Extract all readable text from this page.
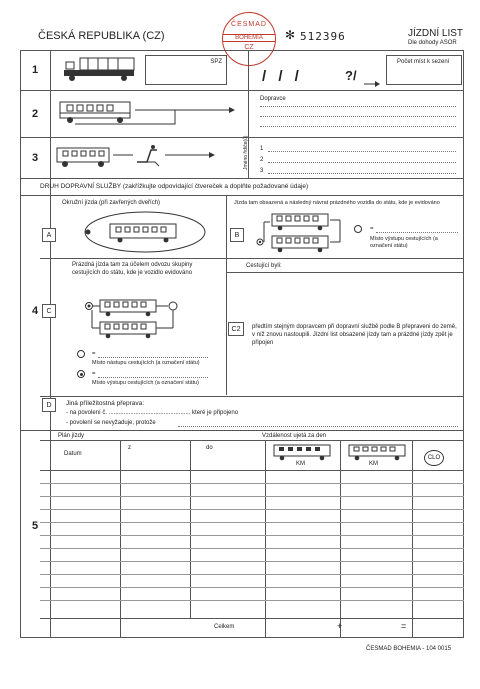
ČESKÁ REPUBLIKA (CZ)
ČESMAD
BOHEMIA
CZ
✻ 512396	JÍZDNÍ LIST
Dle dohody ASOR
1
SPZ
/ / /	?/
Počet míst k sezení
2
Dopravce
3	Jméno řidiče(ů) 1
2
3
DRUH DOPRAVNÍ SLUŽBY (zakřížkujte odpovídající čtvereček a doplňte požadované údaje)
4
Okružní jízda (při zavřených dveřích)
A
Jízda tam obsazená a následný návrat prázdného vozidla do státu, kde je evidováno
B
=
Místo výstupu cestujících (a označení státu)
C
Prázdná jízda tam za účelem odvozu skupiny cestujících do státu, kde je vozidlo evidováno
=
Místo nástupu cestujících (a označení státu)
=
Místo výstupu cestujících (a označení státu)
Cestující byli:
C2	předtím stejným dopravcem při dopravní službě podle B přepraveni do země, v níž znovu nastoupili. Jízdní list obsazené jízdy tam a prázdné jízdy zpět je připojen
D	Jiná příležitostná přeprava:
- na povolení č. ................................................. které je připojeno
- povolení se nevyžaduje, protože
5
Plán jízdy	Vzdálenost ujetá za den
Datum
z	do
KM	KM
CLO
Celkem	+	=
ČESMAD BOHEMIA - 104 0015
